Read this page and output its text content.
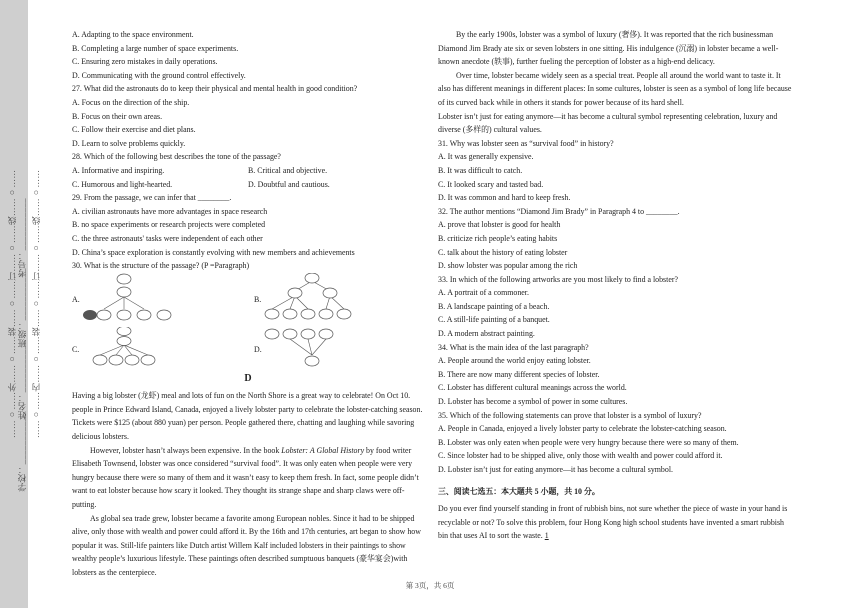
……○……外……○……装……○……订……○……线……○…… ……○……内……○……装……○……订……○……线……○……
学校：___________
姓名：___________
班级：___________
考号：___________

A. Adapting to the space environment.

B. Completing a large number of space experiments.

C. Ensuring zero mistakes in daily operations.

D. Communicating with the ground control effectively.

27. What did the astronauts do to keep their physical and mental health in good condition?

A. Focus on the direction of the ship.

B. Focus on their own areas.

C. Follow their exercise and diet plans.

D. Learn to solve problems quickly.

28. Which of the following best describes the tone of the passage?

A. Informative and inspiring.	B. Critical and objective.
C. Humorous and light-hearted.	D. Doubtful and cautious.

29. From the passage, we can infer that ________.

A. civilian astronauts have more advantages in space research

B. no space experiments or research projects were completed

C. the three astronauts' tasks were independent of each other

D. China’s space exploration is constantly evolving with new members and achievements

30. What is the structure of the passage? (P =Paragraph)

A.	B.
C.	D.
D

Having a big lobster (龙虾) meal and lots of fun on the North Shore is a great way to celebrate! On Oct 10. people in Prince Edward Island, Canada, enjoyed a lively lobster party to celebrate the lobster-catching season. Tickets were $125 (about 880 yuan) per person. People gathered there, chatting and laughing while savoring delicious lobsters.

However, lobster hasn’t always been expensive. In the book Lobster: A Global History by food writer Elisabeth Townsend, lobster was once considered “survival food”. It was only eaten when people were very hungry because there were so many of them and it wasn’t easy to keep them fresh. In fact, some people didn’t want to eat lobster because how scary it looked. They thought its strange shape and sharp claws were off-putting.

As global sea trade grew, lobster became a favorite among European nobles. Since it had to be shipped alive, only those with wealth and power could afford it. By the 16th and 17th centuries, art began to show how popular it was. Still-life painters like Dutch artist Willem Kalf included lobsters in their paintings to show wealthy people’s luxurious lifestyle. These paintings often described sumptuous banquets (豪华宴会)with lobsters as the centerpiece.

By the early 1900s, lobster was a symbol of luxury (奢侈). It was reported that the rich businessman Diamond Jim Brady ate six or seven lobsters in one sitting. His indulgence (沉溺) in lobster became a well-known anecdote (轶事), further fueling the perception of lobster as a high-end delicacy.

Over time, lobster became widely seen as a special treat. People all around the world want to taste it. It also has different meanings in different places: In some cultures, lobster is seen as a symbol of long life because of its curved back while in others it stands for power because of its hard shell.

Lobster isn’t just for eating anymore—it has become a cultural symbol representing celebration, luxury and diverse (多样的) cultural values.

31. Why was lobster seen as “survival food” in history?

A. It was generally expensive.

B. It was difficult to catch.

C. It looked scary and tasted bad.

D. It was common and hard to keep fresh.

32. The author mentions “Diamond Jim Brady” in Paragraph 4 to ________.

A. prove that lobster is good for health

B. criticize rich people’s eating habits

C. talk about the history of eating lobster

D. show lobster was popular among the rich

33. In which of the following artworks are you most likely to find a lobster?

A. A portrait of a commoner.

B. A landscape painting of a beach.

C. A still-life painting of a banquet.

D. A modern abstract painting.

34. What is the main idea of the last paragraph?

A. People around the world enjoy eating lobster.

B. There are now many different species of lobster.

C. Lobster has different cultural meanings across the world.

D. Lobster has become a symbol of power in some cultures.

35. Which of the following statements can prove that lobster is a symbol of luxury?

A. People in Canada, enjoyed a lively lobster party to celebrate the lobster-catching season.

B. Lobster was only eaten when people were very hungry because there were so many of them.

C. Since lobster had to be shipped alive, only those with wealth and power could afford it.

D. Lobster isn’t just for eating anymore—it has become a cultural symbol.

三、阅读七选五：本大题共 5 小题，共 10 分。

Do you ever find yourself standing in front of rubbish bins, not sure whether the piece of waste in your hand is recyclable or not? To solve this problem, four Hong Kong high school students have invented a smart rubbish bin that uses AI to sort the waste. 1

第 3页，共 6页
